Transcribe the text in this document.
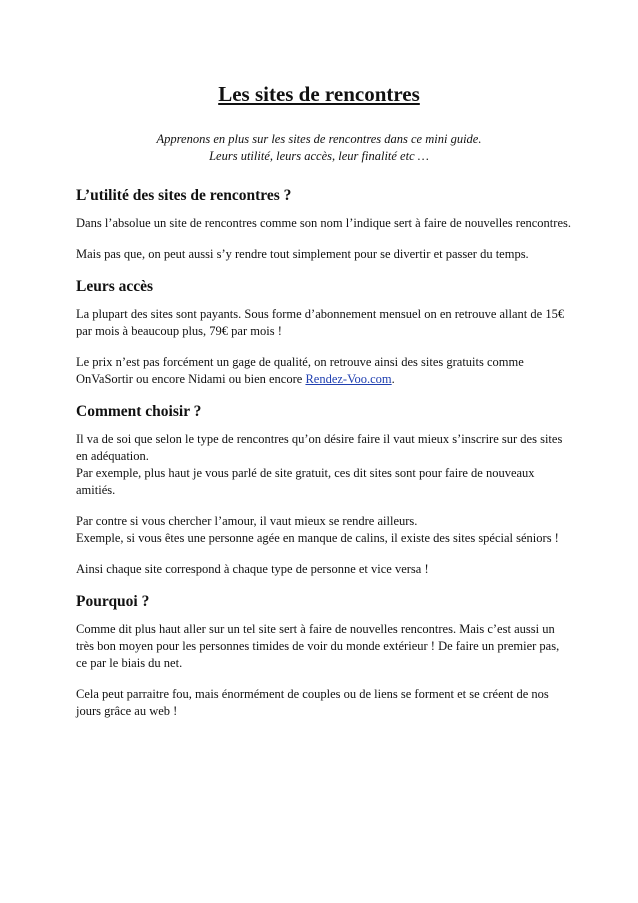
Les sites de rencontres
Apprenons en plus sur les sites de rencontres dans ce mini guide.
Leurs utilité, leurs accès, leur finalité etc …
L’utilité des sites de rencontres ?

Dans l’absolue un site de rencontres comme son nom l’indique sert à faire de nouvelles rencontres.

Mais pas que, on peut aussi s’y rendre tout simplement pour se divertir et passer du temps.

Leurs accès

La plupart des sites sont payants. Sous forme d’abonnement mensuel on en retrouve allant de 15€ par mois à beaucoup plus, 79€ par mois !

Le prix n’est pas forcément un gage de qualité, on retrouve ainsi des sites gratuits comme OnVaSortir ou encore Nidami ou bien encore Rendez-Voo.com.

Comment choisir ?

Il va de soi que selon le type de rencontres qu’on désire faire il vaut mieux s’inscrire sur des sites en adéquation.
Par exemple, plus haut je vous parlé de site gratuit, ces dit sites sont pour faire de nouveaux amitiés.

Par contre si vous chercher l’amour, il vaut mieux se rendre ailleurs.
Exemple, si vous êtes une personne agée en manque de calins, il existe des sites spécial séniors !

Ainsi chaque site correspond à chaque type de personne et vice versa !

Pourquoi ?

Comme dit plus haut aller sur un tel site sert à faire de nouvelles rencontres. Mais c’est aussi un très bon moyen pour les personnes timides de voir du monde extérieur ! De faire un premier pas, ce par le biais du net.

Cela peut parraitre fou, mais énormément de couples ou de liens se forment et se créent de nos jours grâce au web !
